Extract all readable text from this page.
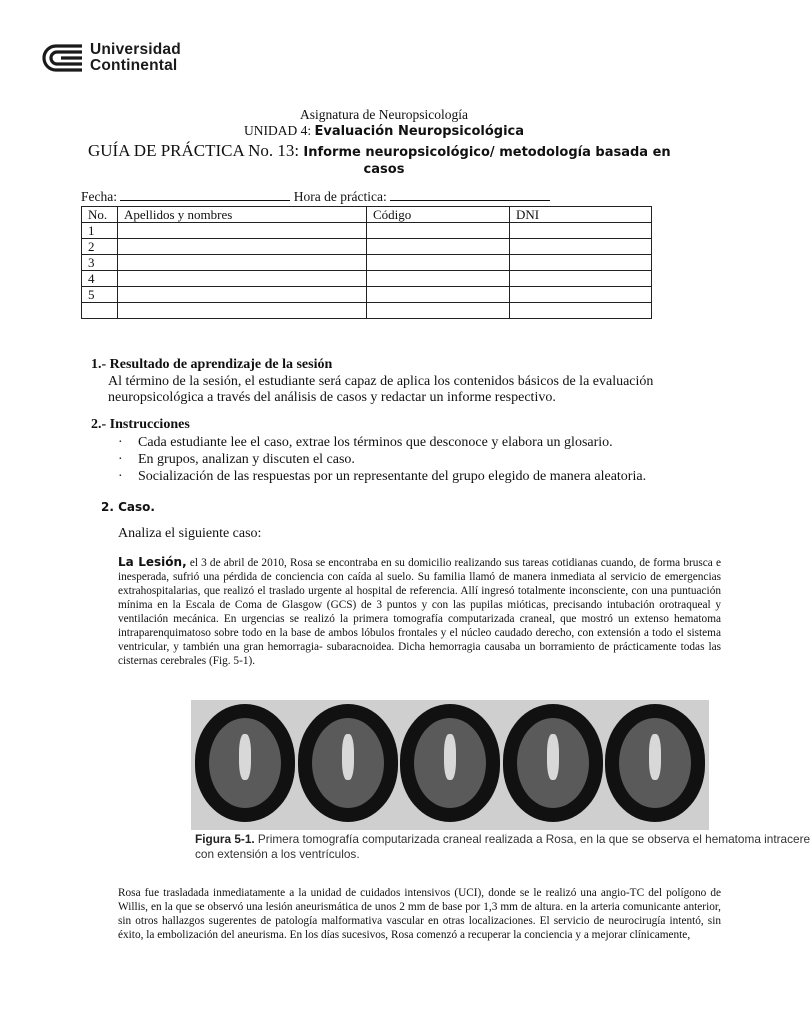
Universidad
Continental
Asignatura de Neuropsicología
UNIDAD 4: Evaluación Neuropsicológica
GUÍA DE PRÁCTICA No. 13: Informe neuropsicológico/ metodología basada en
casos
Fecha:	Hora de práctica:
No.	Apellidos y nombres	Código	DNI
1			
2			
3			
4			
5			

1.- Resultado de aprendizaje de la sesión
Al término de la sesión, el estudiante será capaz de aplica los contenidos básicos de la evaluación
neuropsicológica a través del análisis de casos y redactar un informe respectivo.
2.- Instrucciones
· Cada estudiante lee el caso, extrae los términos que desconoce y elabora un glosario.
· En grupos, analizan y discuten el caso.
· Socialización de las respuestas por un representante del grupo elegido de manera aleatoria.
2. Caso.
Analiza el siguiente caso:
La Lesión, el 3 de abril de 2010, Rosa se encontraba en su domicilio realizando sus tareas cotidianas cuando, de forma brusca e inesperada, sufrió una pérdida de conciencia con caída al suelo. Su familia llamó de manera inmediata al servicio de emergencias extrahospitalarias, que realizó el traslado urgente al hospital de referencia. Allí ingresó totalmente inconsciente, con una puntuación mínima en la Escala de Coma de Glasgow (GCS) de 3 puntos y con las pupilas mióticas, precisando intubación orotraqueal y ventilación mecánica. En urgencias se realizó la primera tomografía computarizada craneal, que mostró un extenso hematoma intraparenquimatoso sobre todo en la base de ambos lóbulos frontales y el núcleo caudado derecho, con extensión a todo el sistema ventricular, y también una gran hemorragia- subaracnoidea. Dicha hemorragia causaba un borramiento de prácticamente todas las cisternas cerebrales (Fig. 5-1).
Figura 5-1. Primera tomografía computarizada craneal realizada a Rosa, en la que se observa el hematoma intracere
con extensión a los ventrículos.
Rosa fue trasladada inmediatamente a la unidad de cuidados intensivos (UCI), donde se le realizó una angio-TC del polígono de Willis, en la que se observó una lesión aneurismática de unos 2 mm de base por 1,3 mm de altura. en la arteria comunicante anterior, sin otros hallazgos sugerentes de patología malformativa vascular en otras localizaciones. El servicio de neurocirugía intentó, sin éxito, la embolización del aneurisma. En los días sucesivos, Rosa comenzó a recuperar la conciencia y a mejorar clínicamente,
